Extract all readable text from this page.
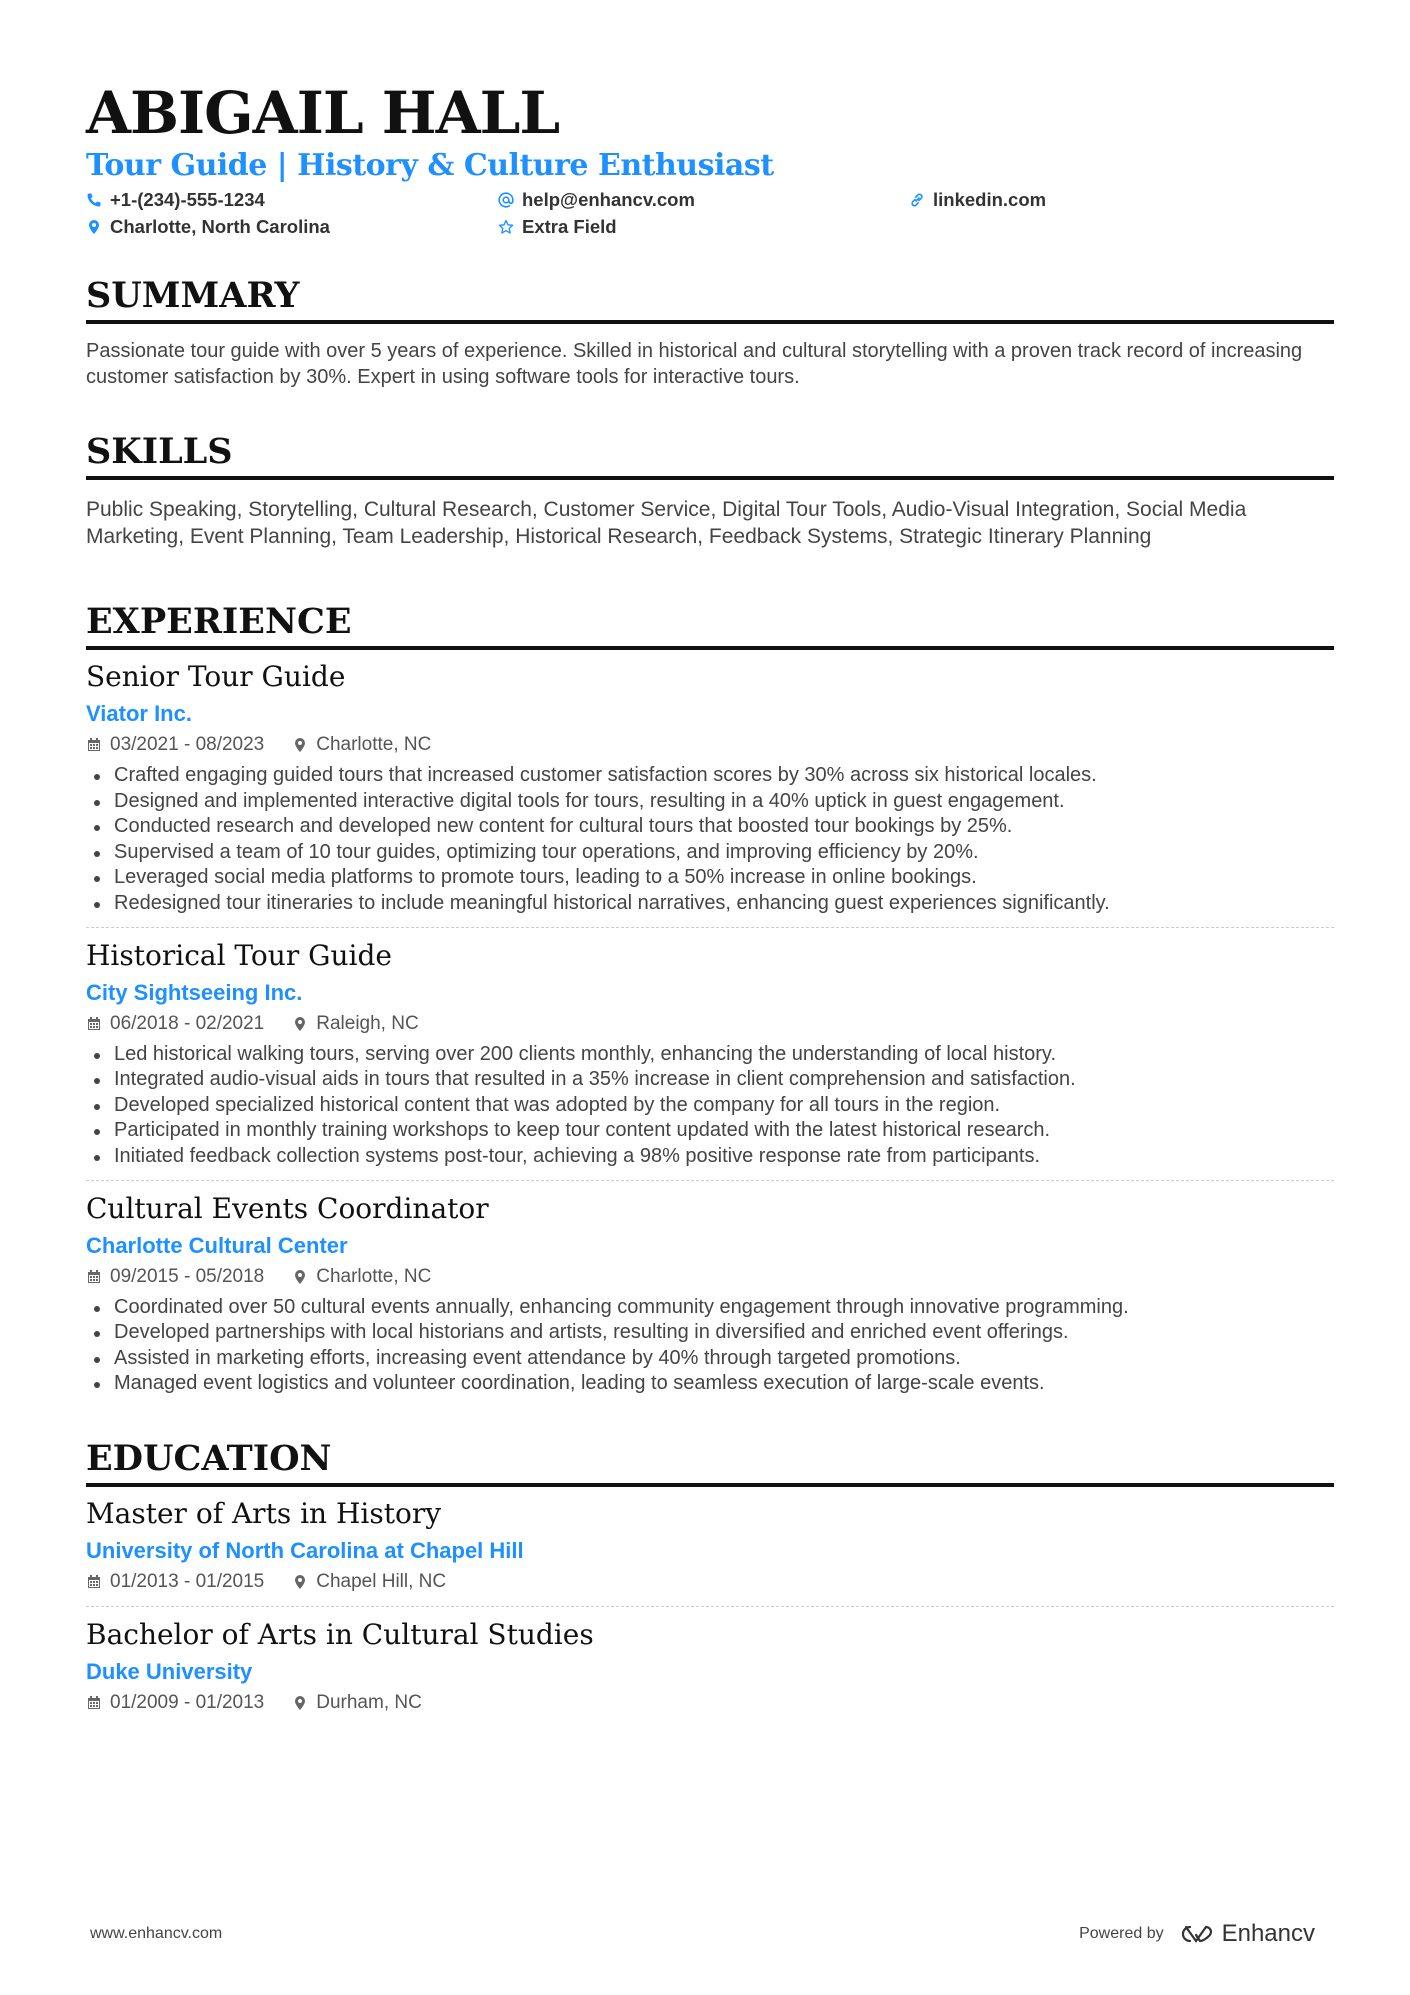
ABIGAIL HALL
Tour Guide | History & Culture Enthusiast
+1-(234)-555-1234	help@enhancv.com	linkedin.com
Charlotte, North Carolina	Extra Field
SUMMARY
Passionate tour guide with over 5 years of experience. Skilled in historical and cultural storytelling with a proven track record of increasing customer satisfaction by 30%. Expert in using software tools for interactive tours.
SKILLS
Public Speaking, Storytelling, Cultural Research, Customer Service, Digital Tour Tools, Audio-Visual Integration, Social Media Marketing, Event Planning, Team Leadership, Historical Research, Feedback Systems, Strategic Itinerary Planning
EXPERIENCE
Senior Tour Guide
Viator Inc.
03/2021 - 08/2023	Charlotte, NC
Crafted engaging guided tours that increased customer satisfaction scores by 30% across six historical locales.
Designed and implemented interactive digital tools for tours, resulting in a 40% uptick in guest engagement.
Conducted research and developed new content for cultural tours that boosted tour bookings by 25%.
Supervised a team of 10 tour guides, optimizing tour operations, and improving efficiency by 20%.
Leveraged social media platforms to promote tours, leading to a 50% increase in online bookings.
Redesigned tour itineraries to include meaningful historical narratives, enhancing guest experiences significantly.
Historical Tour Guide
City Sightseeing Inc.
06/2018 - 02/2021	Raleigh, NC
Led historical walking tours, serving over 200 clients monthly, enhancing the understanding of local history.
Integrated audio-visual aids in tours that resulted in a 35% increase in client comprehension and satisfaction.
Developed specialized historical content that was adopted by the company for all tours in the region.
Participated in monthly training workshops to keep tour content updated with the latest historical research.
Initiated feedback collection systems post-tour, achieving a 98% positive response rate from participants.
Cultural Events Coordinator
Charlotte Cultural Center
09/2015 - 05/2018	Charlotte, NC
Coordinated over 50 cultural events annually, enhancing community engagement through innovative programming.
Developed partnerships with local historians and artists, resulting in diversified and enriched event offerings.
Assisted in marketing efforts, increasing event attendance by 40% through targeted promotions.
Managed event logistics and volunteer coordination, leading to seamless execution of large-scale events.
EDUCATION
Master of Arts in History
University of North Carolina at Chapel Hill
01/2013 - 01/2015	Chapel Hill, NC
Bachelor of Arts in Cultural Studies
Duke University
01/2009 - 01/2013	Durham, NC
www.enhancv.com	Powered by Enhancv
